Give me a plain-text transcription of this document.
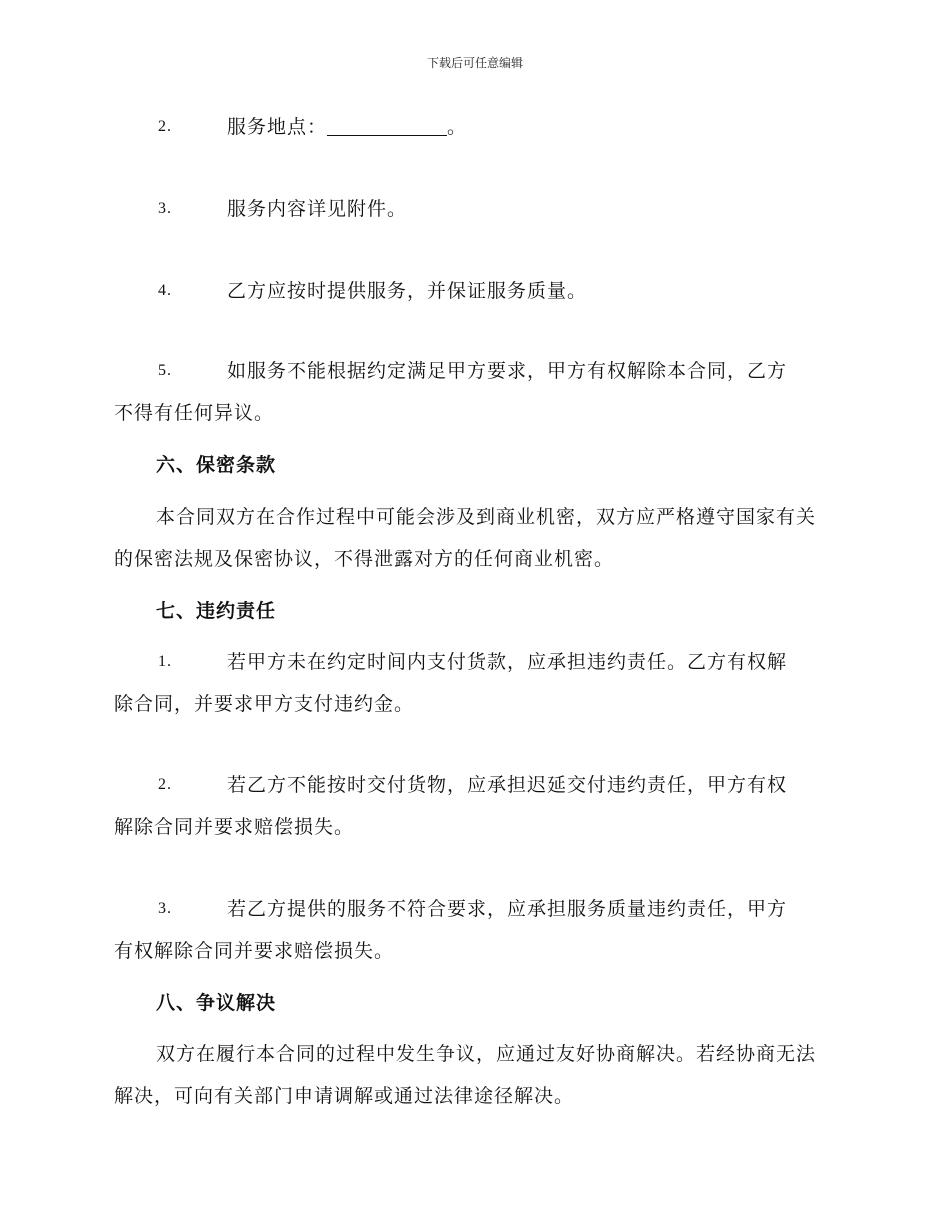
下载后可任意编辑
2.	服务地点：	。
3.	服务内容详见附件。
4.	乙方应按时提供服务，并保证服务质量。
5.	如服务不能根据约定满足甲方要求，甲方有权解除本合同，乙方
不得有任何异议。
六、保密条款
本合同双方在合作过程中可能会涉及到商业机密，双方应严格遵守国家有关的保密法规及保密协议，不得泄露对方的任何商业机密。
七、违约责任
1.	若甲方未在约定时间内支付货款，应承担违约责任。乙方有权解
除合同，并要求甲方支付违约金。
2.	若乙方不能按时交付货物，应承担迟延交付违约责任，甲方有权
解除合同并要求赔偿损失。
3.	若乙方提供的服务不符合要求，应承担服务质量违约责任，甲方
有权解除合同并要求赔偿损失。
八、争议解决
双方在履行本合同的过程中发生争议，应通过友好协商解决。若经协商无法解决，可向有关部门申请调解或通过法律途径解决。
